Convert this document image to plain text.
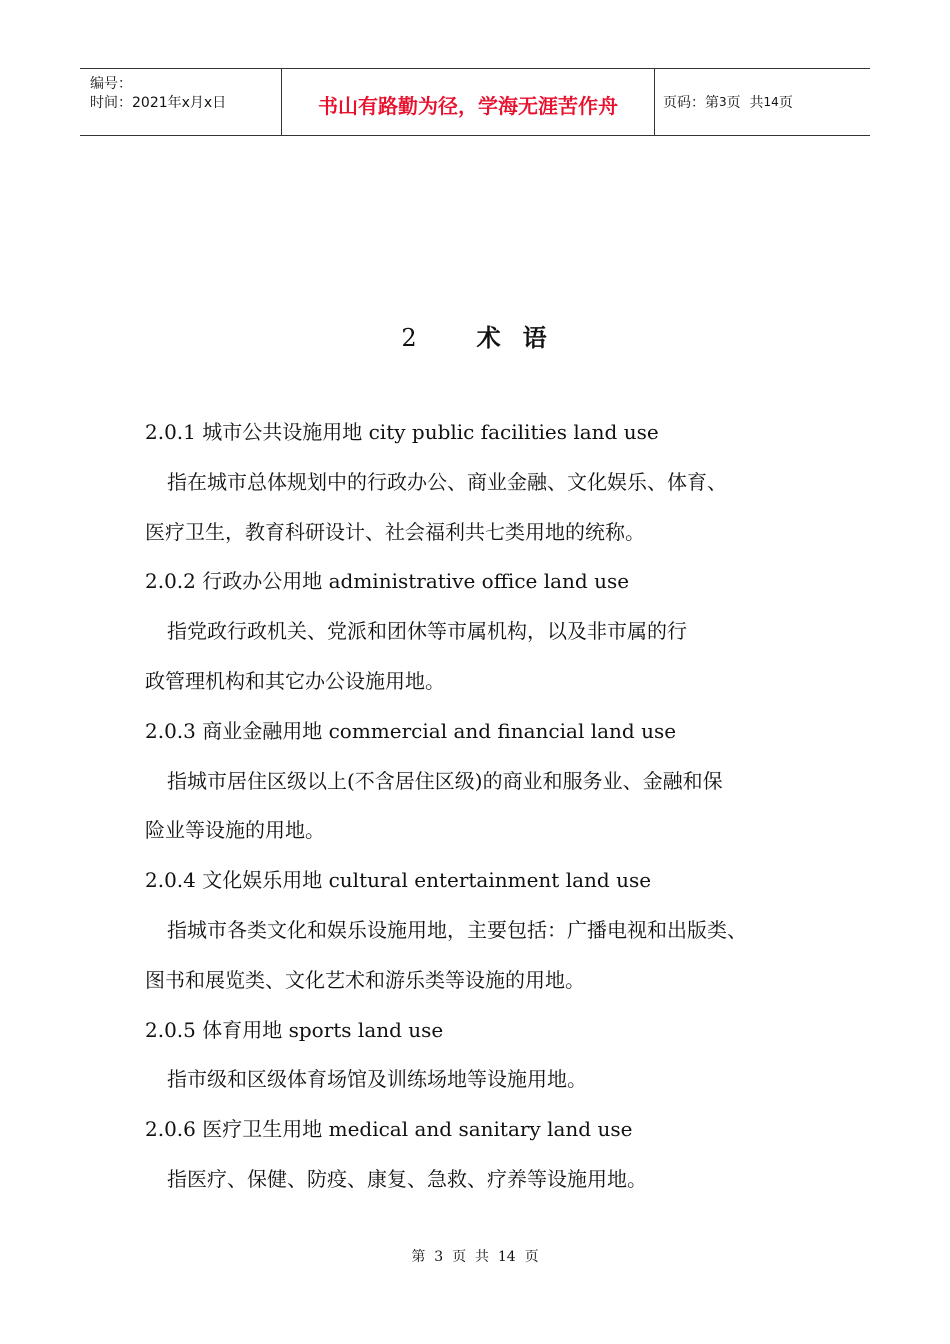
编号：
时间：2021年x月x日	书山有路勤为径，学海无涯苦作舟	页码：第 3 页  共 14 页
2 术 语

2.0.1 城市公共设施用地 city public facilities land use

指在城市总体规划中的行政办公、商业金融、文化娱乐、体育、

医疗卫生，教育科研设计、社会福利共七类用地的统称。

2.0.2 行政办公用地 administrative office land use

指党政行政机关、党派和团休等市属机构，以及非市属的行

政管理机构和其它办公设施用地。

2.0.3 商业金融用地 commercial and financial land use

指城市居住区级以上(不含居住区级)的商业和服务业、金融和保

险业等设施的用地。

2.0.4 文化娱乐用地 cultural entertainment land use

指城市各类文化和娱乐设施用地，主要包括：广播电视和出版类、

图书和展览类、文化艺术和游乐类等设施的用地。

2.0.5 体育用地 sports land use

指市级和区级体育场馆及训练场地等设施用地。

2.0.6 医疗卫生用地 medical and sanitary land use

指医疗、保健、防疫、康复、急救、疗养等设施用地。

第  3  页  共  14  页
